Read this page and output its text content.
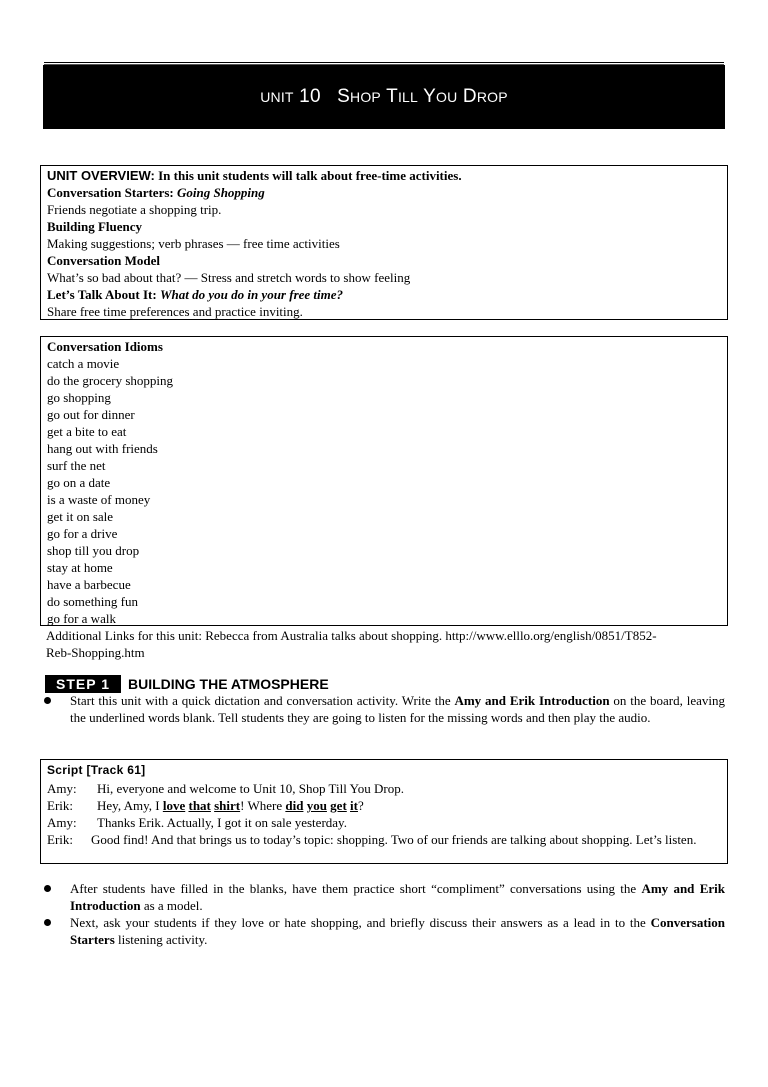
UNIT 10 SHOP TILL YOU DROP
UNIT OVERVIEW: In this unit students will talk about free-time activities.
Conversation Starters: Going Shopping
Friends negotiate a shopping trip.
Building Fluency
Making suggestions; verb phrases — free time activities
Conversation Model
What’s so bad about that? — Stress and stretch words to show feeling
Let’s Talk About It: What do you do in your free time?
Share free time preferences and practice inviting.
Conversation Idioms
catch a movie
do the grocery shopping
go shopping
go out for dinner
get a bite to eat
hang out with friends
surf the net
go on a date
is a waste of money
get it on sale
go for a drive
shop till you drop
stay at home
have a barbecue
do something fun
go for a walk
Additional Links for this unit: Rebecca from Australia talks about shopping. http://www.elllo.org/english/0851/T852-
Reb-Shopping.htm
STEP 1	BUILDING THE ATMOSPHERE
Start this unit with a quick dictation and conversation activity. Write the Amy and Erik Introduction on the board, leaving the underlined words blank. Tell students they are going to listen for the missing words and then play the audio.
Script [Track 61]
Amy: Hi, everyone and welcome to Unit 10, Shop Till You Drop.
Erik: Hey, Amy, I love that shirt! Where did you get it?
Amy: Thanks Erik. Actually, I got it on sale yesterday.
Erik:	Good find! And that brings us to today’s topic: shopping. Two of our friends are talking about shopping. Let’s listen.
After students have filled in the blanks, have them practice short “compliment” conversations using the Amy and Erik Introduction as a model.
Next, ask your students if they love or hate shopping, and briefly discuss their answers as a lead in to the Conversation Starters listening activity.
